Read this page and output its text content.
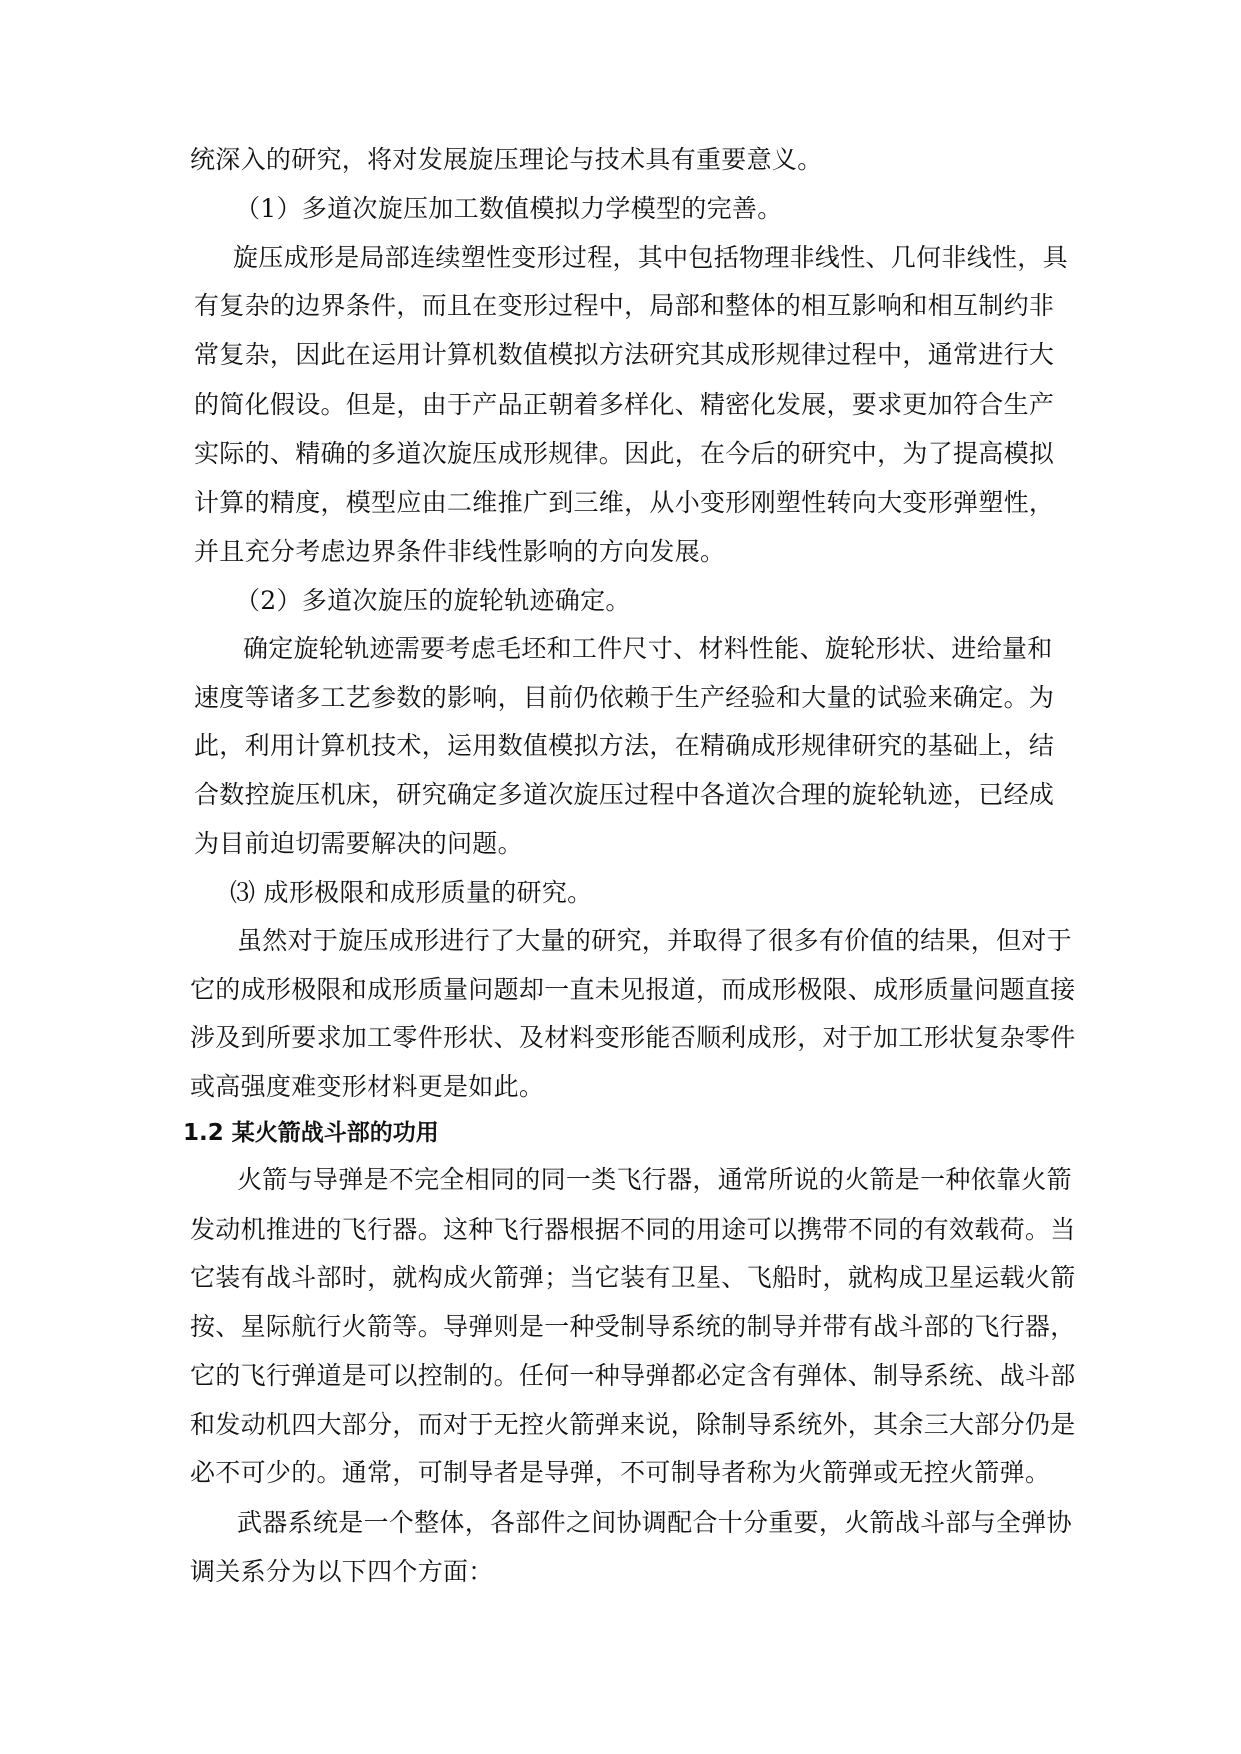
统深入的研究，将对发展旋压理论与技术具有重要意义。
（1）多道次旋压加工数值模拟力学模型的完善。
旋压成形是局部连续塑性变形过程，其中包括物理非线性、几何非线性，具
有复杂的边界条件，而且在变形过程中，局部和整体的相互影响和相互制约非
常复杂，因此在运用计算机数值模拟方法研究其成形规律过程中，通常进行大
的简化假设。但是，由于产品正朝着多样化、精密化发展，要求更加符合生产
实际的、精确的多道次旋压成形规律。因此，在今后的研究中，为了提高模拟
计算的精度，模型应由二维推广到三维，从小变形刚塑性转向大变形弹塑性，
并且充分考虑边界条件非线性影响的方向发展。
（2）多道次旋压的旋轮轨迹确定。
确定旋轮轨迹需要考虑毛坯和工件尺寸、材料性能、旋轮形状、进给量和
速度等诸多工艺参数的影响，目前仍依赖于生产经验和大量的试验来确定。为
此，利用计算机技术，运用数值模拟方法，在精确成形规律研究的基础上，结
合数控旋压机床，研究确定多道次旋压过程中各道次合理的旋轮轨迹，已经成
为目前迫切需要解决的问题。
⑶ 成形极限和成形质量的研究。
虽然对于旋压成形进行了大量的研究，并取得了很多有价值的结果，但对于
它的成形极限和成形质量问题却一直未见报道，而成形极限、成形质量问题直接
涉及到所要求加工零件形状、及材料变形能否顺利成形，对于加工形状复杂零件
或高强度难变形材料更是如此。
1.2 某火箭战斗部的功用
火箭与导弹是不完全相同的同一类飞行器，通常所说的火箭是一种依靠火箭
发动机推进的飞行器。这种飞行器根据不同的用途可以携带不同的有效载荷。当
它装有战斗部时，就构成火箭弹；当它装有卫星、飞船时，就构成卫星运载火箭
按、星际航行火箭等。导弹则是一种受制导系统的制导并带有战斗部的飞行器，
它的飞行弹道是可以控制的。任何一种导弹都必定含有弹体、制导系统、战斗部
和发动机四大部分，而对于无控火箭弹来说，除制导系统外，其余三大部分仍是
必不可少的。通常，可制导者是导弹，不可制导者称为火箭弹或无控火箭弹。
武器系统是一个整体，各部件之间协调配合十分重要，火箭战斗部与全弹协
调关系分为以下四个方面：
